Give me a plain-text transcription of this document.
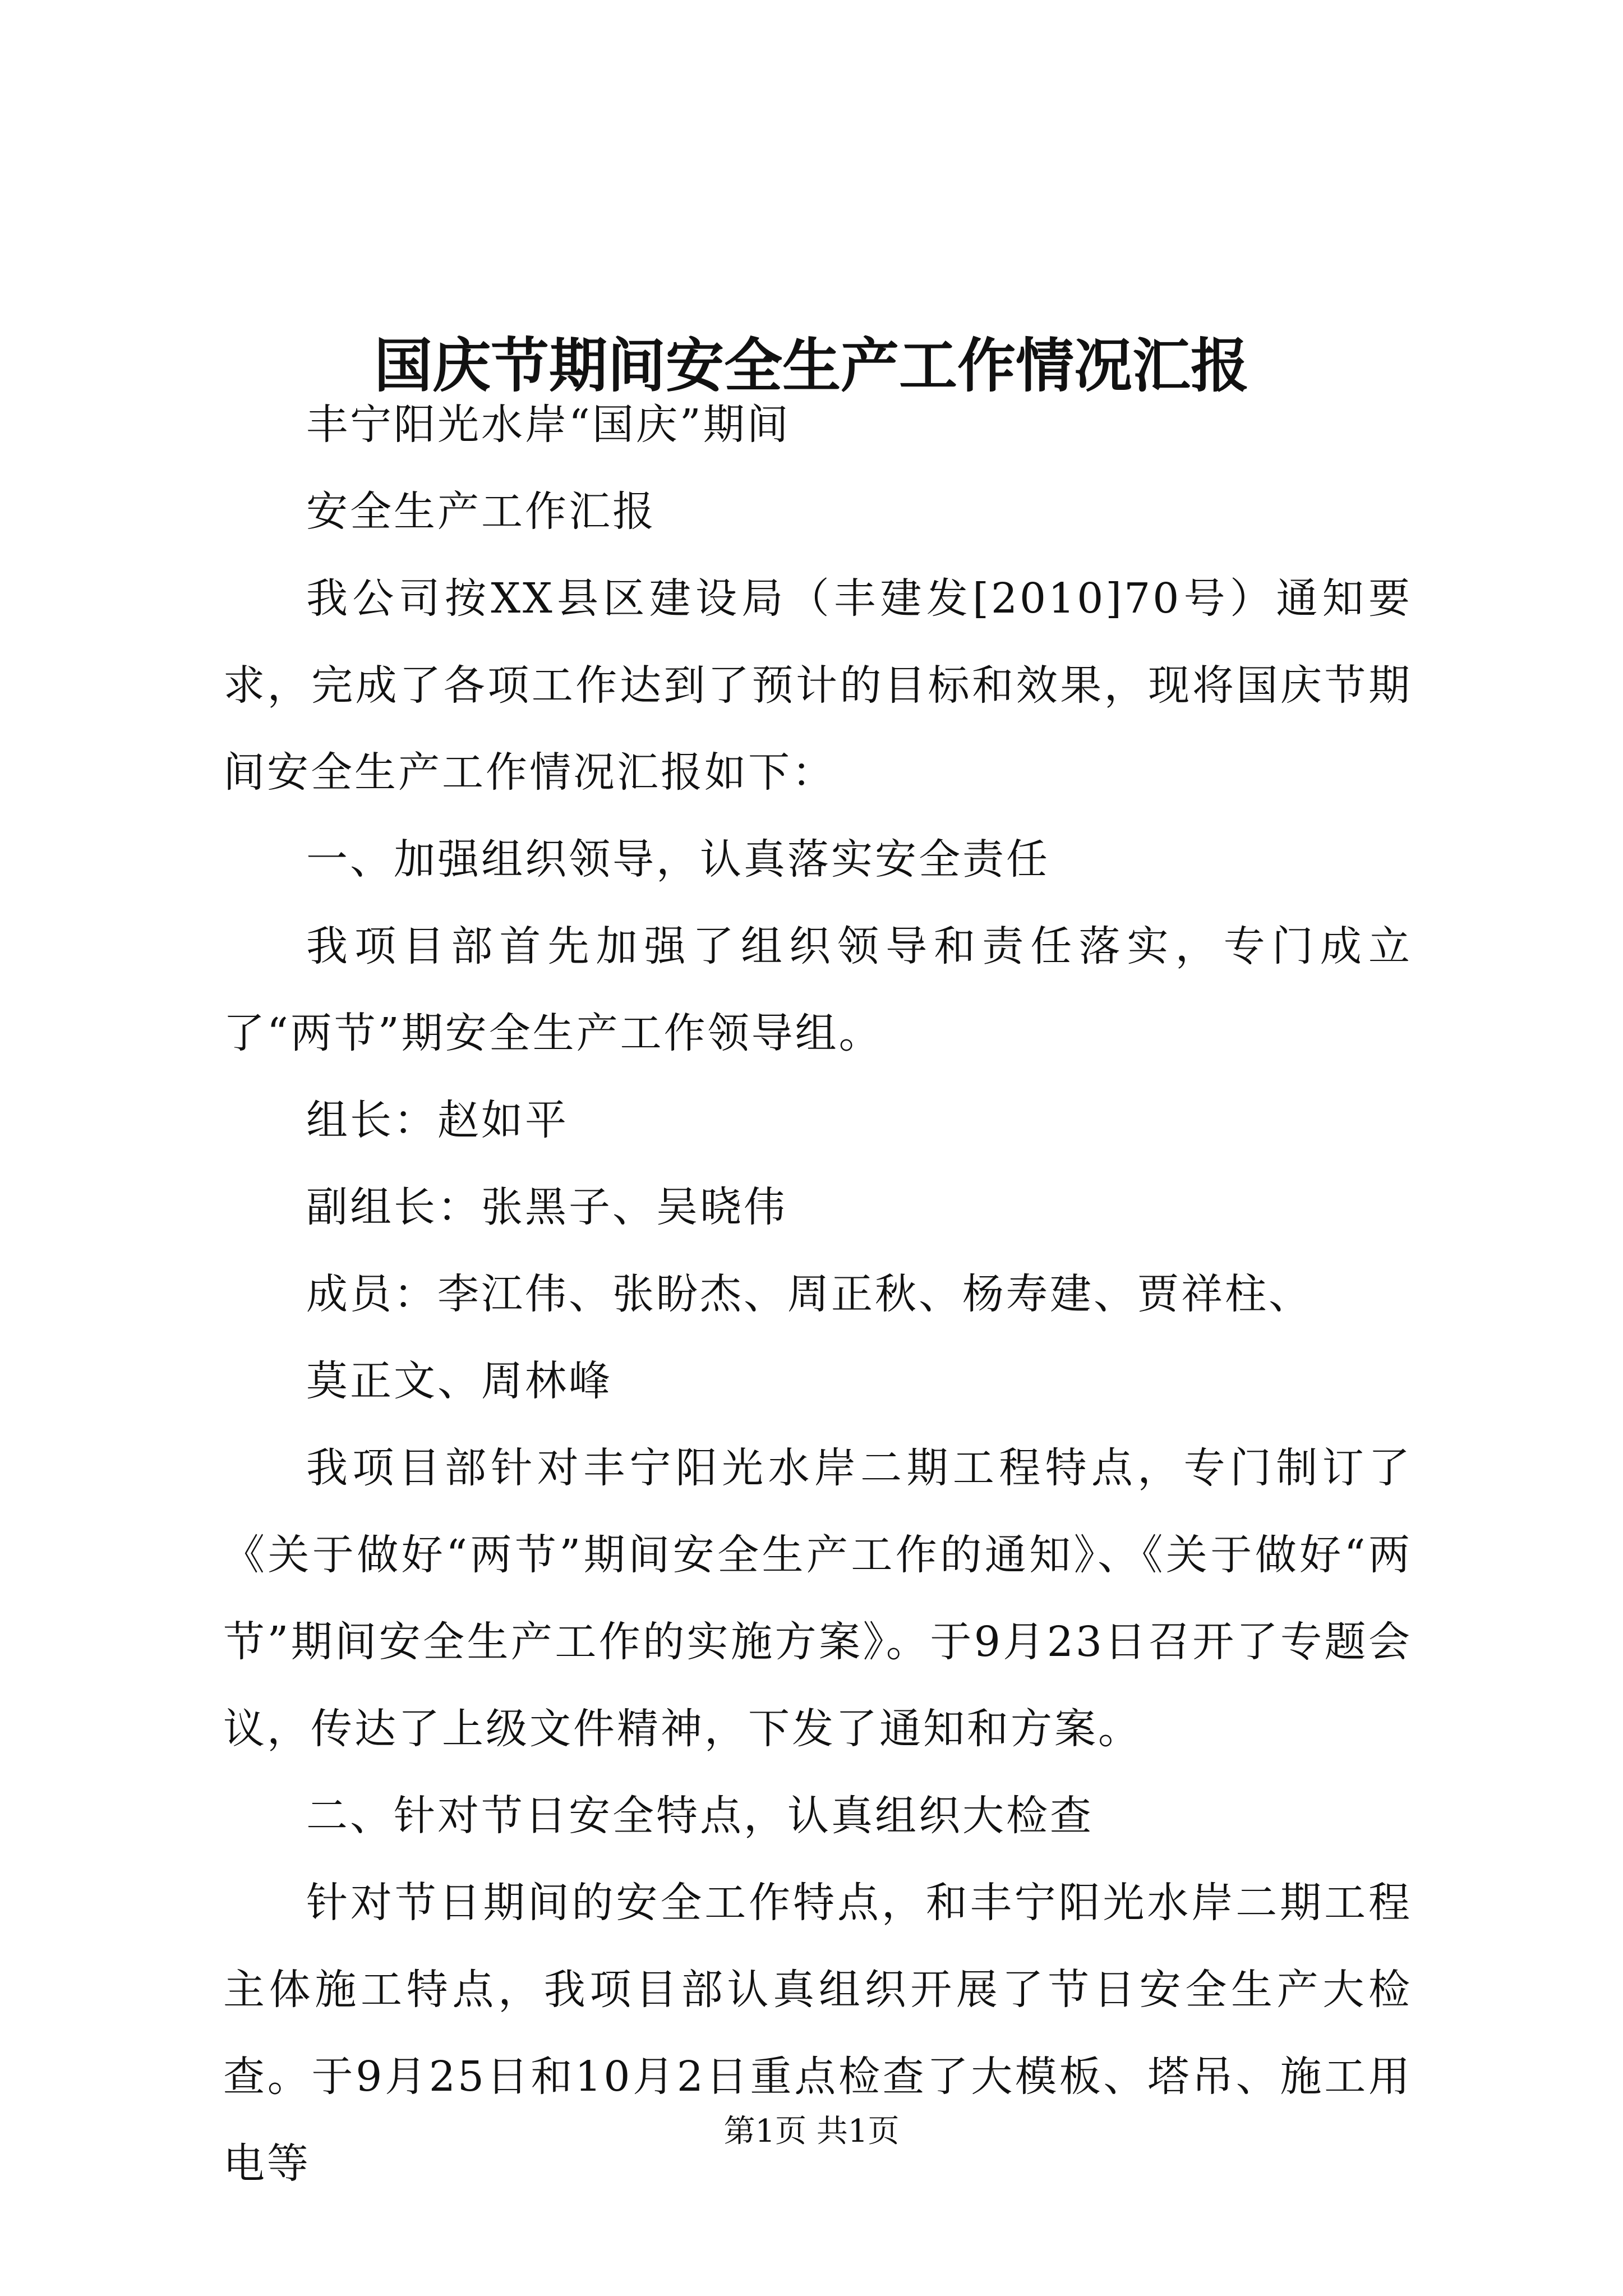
国庆节期间安全生产工作情况汇报

丰宁阳光水岸“国庆”期间

安全生产工作汇报

我公司按XX县区建设局（丰建发[2010]70号）通知要求，完成了各项工作达到了预计的目标和效果，现将国庆节期间安全生产工作情况汇报如下：

一、加强组织领导，认真落实安全责任

我项目部首先加强了组织领导和责任落实，专门成立了“两节”期安全生产工作领导组。

组长：赵如平

副组长：张黑子、吴晓伟

成员：李江伟、张盼杰、周正秋、杨寿建、贾祥柱、

莫正文、周林峰

我项目部针对丰宁阳光水岸二期工程特点，专门制订了《关于做好“两节”期间安全生产工作的通知》、《关于做好“两节”期间安全生产工作的实施方案》。于9月23日召开了专题会议，传达了上级文件精神，下发了通知和方案。

二、针对节日安全特点，认真组织大检查

针对节日期间的安全工作特点，和丰宁阳光水岸二期工程主体施工特点，我项目部认真组织开展了节日安全生产大检查。于9月25日和10月2日重点检查了大模板、塔吊、施工用电等

第1页 共1页
